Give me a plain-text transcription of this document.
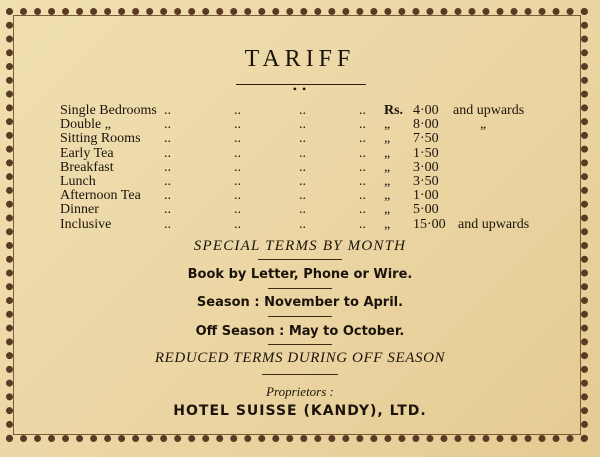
TARIFF
• •
Single Bedrooms ..	..	..	.. Rs. 4·00 and upwards
Double „	..	..	..	.. „ 8·00	„
Sitting Rooms ..	..	..	.. „ 7·50
Early Tea	..	..	..	.. „ 1·50
Breakfast	..	..	..	.. „ 3·00
Lunch	..	..	..	.. „ 3·50
Afternoon Tea ..	..	..	.. „ 1·00
Dinner	..	..	..	.. „ 5·00
Inclusive	..	..	..	.. „ 15·00 and upwards
SPECIAL TERMS BY MONTH
Book by Letter, Phone or Wire.
Season : November to April.
Off Season : May to October.
REDUCED TERMS DURING OFF SEASON
Proprietors :
HOTEL SUISSE (KANDY), LTD.
